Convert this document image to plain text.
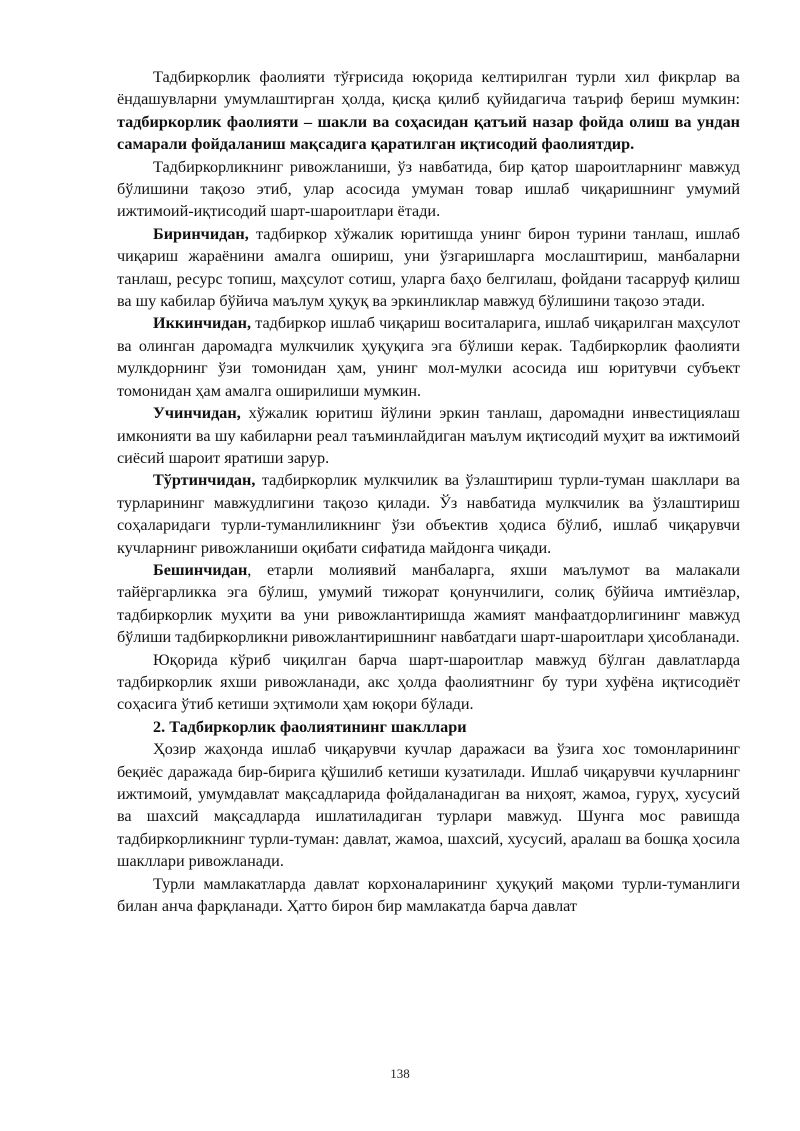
Тадбиркорлик фаолияти тўғрисида юқорида келтирилган турли хил фикрлар ва ёндашувларни умумлаштирган ҳолда, қисқа қилиб қуйидагича таъриф бериш мумкин: тадбиркорлик фаолияти – шакли ва соҳасидан қатъий назар фойда олиш ва ундан самарали фойдаланиш мақсадига қаратилган иқтисодий фаолиятдир.

Тадбиркорликнинг ривожланиши, ўз навбатида, бир қатор шароитларнинг мавжуд бўлишини тақозо этиб, улар асосида умуман товар ишлаб чиқаришнинг умумий ижтимоий-иқтисодий шарт-шароитлари ётади.

Биринчидан, тадбиркор хўжалик юритишда унинг бирон турини танлаш, ишлаб чиқариш жараёнини амалга ошириш, уни ўзгаришларга мослаштириш, манбаларни танлаш, ресурс топиш, маҳсулот сотиш, уларга баҳо белгилаш, фойдани тасарруф қилиш ва шу кабилар бўйича маълум ҳуқуқ ва эркинликлар мавжуд бўлишини тақозо этади.

Иккинчидан, тадбиркор ишлаб чиқариш воситаларига, ишлаб чиқарилган маҳсулот ва олинган даромадга мулкчилик ҳуқуқига эга бўлиши керак. Тадбиркорлик фаолияти мулкдорнинг ўзи томонидан ҳам, унинг мол-мулки асосида иш юритувчи субъект томонидан ҳам амалга оширилиши мумкин.

Учинчидан, хўжалик юритиш йўлини эркин танлаш, даромадни инвестициялаш имконияти ва шу кабиларни реал таъминлайдиган маълум иқтисодий муҳит ва ижтимоий сиёсий шароит яратиши зарур.

Тўртинчидан, тадбиркорлик мулкчилик ва ўзлаштириш турли-туман шакллари ва турларининг мавжудлигини тақозо қилади. Ўз навбатида мулкчилик ва ўзлаштириш соҳаларидаги турли-туманлиликнинг ўзи объектив ҳодиса бўлиб, ишлаб чиқарувчи кучларнинг ривожланиши оқибати сифатида майдонга чиқади.

Бешинчидан, етарли молиявий манбаларга, яхши маълумот ва малакали тайёргарликка эга бўлиш, умумий тижорат қонунчилиги, солиқ бўйича имтиёзлар, тадбиркорлик муҳити ва уни ривожлантиришда жамият манфаатдорлигининг мавжуд бўлиши тадбиркорликни ривожлантиришнинг навбатдаги шарт-шароитлари ҳисобланади.

Юқорида кўриб чиқилган барча шарт-шароитлар мавжуд бўлган давлатларда тадбиркорлик яхши ривожланади, акс ҳолда фаолиятнинг бу тури хуфёна иқтисодиёт соҳасига ўтиб кетиши эҳтимоли ҳам юқори бўлади.

2. Тадбиркорлик фаолиятининг шакллари

Ҳозир жаҳонда ишлаб чиқарувчи кучлар даражаси ва ўзига хос томонларининг беқиёс даражада бир-бирига қўшилиб кетиши кузатилади. Ишлаб чиқарувчи кучларнинг ижтимоий, умумдавлат мақсадларида фойдаланадиган ва ниҳоят, жамоа, гуруҳ, хусусий ва шахсий мақсадларда ишлатиладиган турлари мавжуд. Шунга мос равишда тадбиркорликнинг турли-туман: давлат, жамоа, шахсий, хусусий, аралаш ва бошқа ҳосила шакллари ривожланади.

Турли мамлакатларда давлат корхоналарининг ҳуқуқий мақоми турли-туманлиги билан анча фарқланади. Ҳатто бирон бир мамлакатда барча давлат

138
